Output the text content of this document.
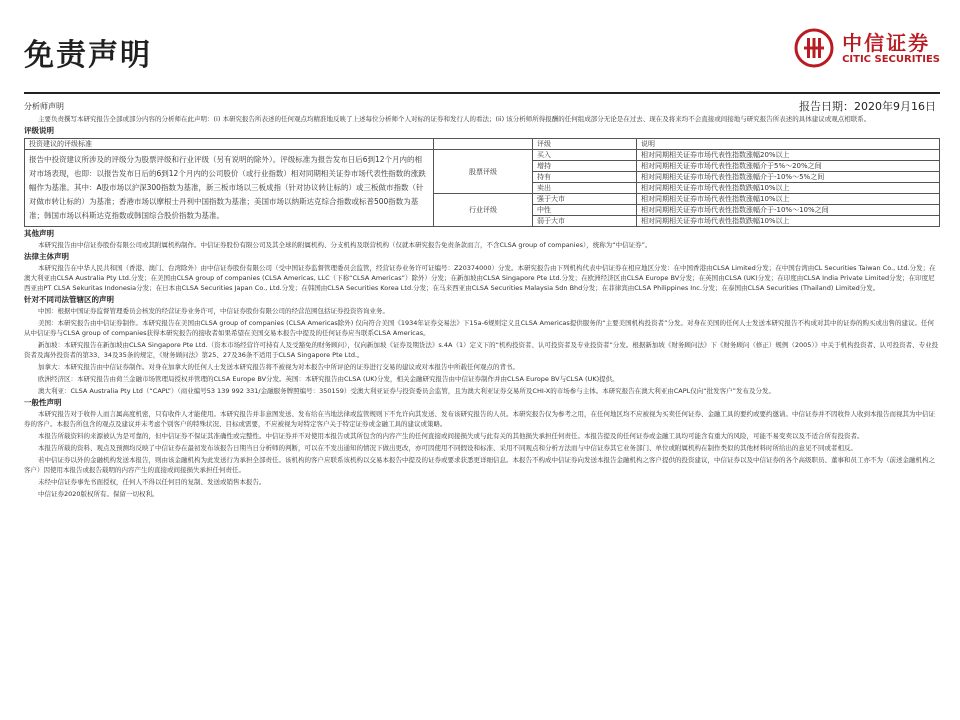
免责声明	中信证券
CITIC SECURITIES
分析师声明	报告日期：2020年9月16日

主要负责撰写本研究报告全部或部分内容的分析师在此声明：(i) 本研究报告所表述的任何观点均精准地反映了上述每位分析师个人对标的证券和发行人的看法；(ii) 该分析师所得报酬的任何组成部分无论是在过去、现在及将来均不会直接或间接地与研究报告所表述的具体建议或观点相联系。

评级说明
投资建议的评级标准		评级	说明
报告中投资建议所涉及的评级分为股票评级和行业评级（另有说明的除外）。评级标准为报告发布日后6到12个月内的相对市场表现，也即：以报告发布日后的6到12个月内的公司股价（或行业指数）相对同期相关证券市场代表性指数的涨跌幅作为基准。其中：A股市场以沪深300指数为基准，新三板市场以三板成指（针对协议转让标的）或三板做市指数（针对做市转让标的）为基准；香港市场以摩根士丹利中国指数为基准；美国市场以纳斯达克综合指数或标普500指数为基准；韩国市场以科斯达克指数或韩国综合股价指数为基准。	股票评级	买入	相对同期相关证券市场代表性指数涨幅20%以上
		增持	相对同期相关证券市场代表性指数涨幅介于5%～20%之间
		持有	相对同期相关证券市场代表性指数涨幅介于-10%～5%之间
		卖出	相对同期相关证券市场代表性指数跌幅10%以上
	行业评级	强于大市	相对同期相关证券市场代表性指数涨幅10%以上
		中性	相对同期相关证券市场代表性指数涨幅介于-10%～10%之间
		弱于大市	相对同期相关证券市场代表性指数跌幅10%以上
其他声明

本研究报告由中信证券股份有限公司或其附属机构制作。中信证券股份有限公司及其全球的附属机构、分支机构及联营机构（仅就本研究报告免责条款而言，不含CLSA group of companies），统称为“中信证券”。

法律主体声明

本研究报告在中华人民共和国（香港、澳门、台湾除外）由中信证券股份有限公司（受中国证券监督管理委员会监管，经营证券业务许可证编号：Z20374000）分发。本研究报告由下列机构代表中信证券在相应地区分发：在中国香港由CLSA Limited分发；在中国台湾由CL Securities Taiwan Co., Ltd.分发；在澳大利亚由CLSA Australia Pty Ltd.分发；在美国由CLSA group of companies (CLSA Americas, LLC（下称“CLSA Americas”）除外）分发；在新加坡由CLSA Singapore Pte Ltd.分发；在欧洲经济区由CLSA Europe BV分发；在英国由CLSA (UK)分发；在印度由CLSA India Private Limited分发；在印度尼西亚由PT CLSA Sekuritas Indonesia分发；在日本由CLSA Securities Japan Co., Ltd.分发；在韩国由CLSA Securities Korea Ltd.分发；在马来西亚由CLSA Securities Malaysia Sdn Bhd分发；在菲律宾由CLSA Philippines Inc.分发；在泰国由CLSA Securities (Thailand) Limited分发。

针对不同司法管辖区的声明

中国：根据中国证券监督管理委员会核发的经营证券业务许可，中信证券股份有限公司的经营范围包括证券投资咨询业务。

美国：本研究报告由中信证券制作。本研究报告在美国由CLSA group of companies (CLSA Americas除外) 仅向符合美国《1934年证券交易法》下15a-6规则定义且CLSA Americas提供服务的“主要美国机构投资者”分发。对身在美国的任何人士发送本研究报告不构成对其中的证券的购买或出售的建议。任何从中信证券与CLSA group of companies获得本研究报告的接收者如果希望在美国交易本报告中提及的任何证券应当联系CLSA Americas。

新加坡：本研究报告在新加坡由CLSA Singapore Pte Ltd.（资本市场经营许可持有人及受豁免的财务顾问），仅向新加坡《证券及期货法》s.4A（1）定义下的“机构投资者、认可投资者及专业投资者”分发。根据新加坡《财务顾问法》下《财务顾问（修正）规例（2005）》中关于机构投资者、认可投资者、专业投资者及海外投资者的第33、34及35条的规定，《财务顾问法》第25、27及36条不适用于CLSA Singapore Pte Ltd.。

加拿大：本研究报告由中信证券制作。对身在加拿大的任何人士发送本研究报告将不被视为对本报告中所评论的证券进行交易的建议或对本报告中所载任何观点的背书。

欧洲经济区：本研究报告由荷兰金融市场管理局授权并管理的CLSA Europe BV分发。英国：本研究报告由CLSA (UK)分发，相关金融研究报告由中信证券制作并由CLSA Europe BV与CLSA (UK)提供。

澳大利亚：CLSA Australia Pty Ltd（“CAPL”）（商业编号53 139 992 331/金融服务牌照编号：350159）受澳大利亚证券与投资委员会监管，且为澳大利亚证券交易所及CHI-X的市场参与主体。本研究报告在澳大利亚由CAPL仅向“批发客户”发布及分发。

一般性声明

本研究报告对于收件人而言属高度机密，只有收件人才能使用。本研究报告并非意图发送、发布给在当地法律或监管规则下不允许向其发送、发布该研究报告的人员。本研究报告仅为参考之用，在任何地区均不应被视为买卖任何证券、金融工具的要约或要约邀请。中信证券并不因收件人收到本报告而视其为中信证券的客户。本报告所包含的观点及建议并未考虑个别客户的特殊状况、目标或需要，不应被视为对特定客户关于特定证券或金融工具的建议或策略。

本报告所载资料的来源被认为是可靠的，但中信证券不保证其准确性或完整性。中信证券并不对使用本报告或其所包含的内容产生的任何直接或间接损失或与此有关的其他损失承担任何责任。本报告提及的任何证券或金融工具均可能含有重大的风险，可能不易变卖以及不适合所有投资者。

本报告所载的资料、观点及预测均反映了中信证券在最初发布该报告日期当日分析师的判断，可以在不发出通知的情况下做出更改，亦可因使用不同假设和标准、采用不同观点和分析方法而与中信证券其它业务部门、单位或附属机构在制作类似的其他材料时所给出的意见不同或者相反。

若中信证券以外的金融机构发送本报告，则由该金融机构为此发送行为承担全部责任。该机构的客户应联系该机构以交易本报告中提及的证券或要求获悉更详细信息。本报告不构成中信证券向发送本报告金融机构之客户提供的投资建议，中信证券以及中信证券的各个高级职员、董事和员工亦不为（前述金融机构之客户）因使用本报告或报告载明的内容产生的直接或间接损失承担任何责任。

未经中信证券事先书面授权，任何人不得以任何目的复制、发送或销售本报告。

中信证券2020版权所有。保留一切权利。
